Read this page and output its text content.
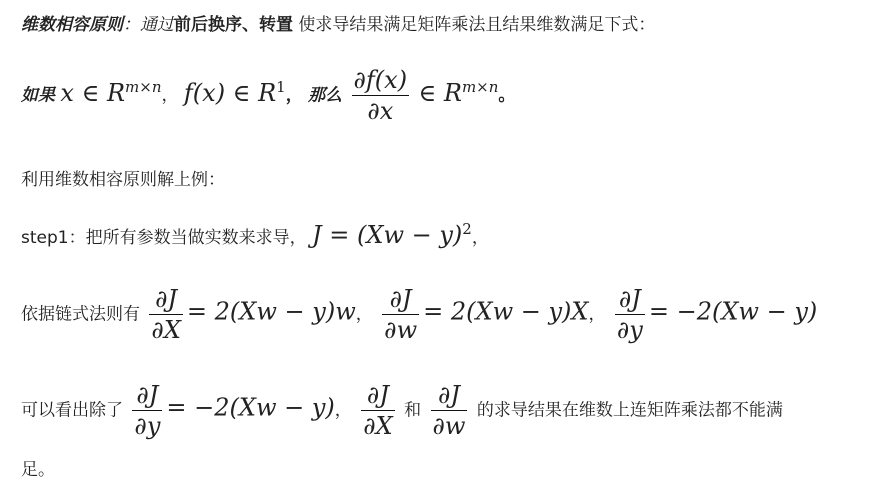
维数相容原则：通过前后换序、转置 使求导结果满足矩阵乘法且结果维数满足下式：
如果 x ∈ $R^{m\times n}$， f(x) ∈ $R^1$， 那么 $\frac{\partial f(x)}{\partial x}$ ∈ $R^{m\times n}$。
利用维数相容原则解上例：
step1：把所有参数当做实数来求导， $J = (Xw - y)^2$，
依据链式法则有 $\frac{\partial J}{\partial X} = 2(Xw - y)w$， $\frac{\partial J}{\partial w} = 2(Xw - y)X$， $\frac{\partial J}{\partial y} = -2(Xw - y)$
可以看出除了 $\frac{\partial J}{\partial y} = -2(Xw - y)$， $\frac{\partial J}{\partial X}$ 和 $\frac{\partial J}{\partial w}$ 的求导结果在维数上连矩阵乘法都不能满
足。
